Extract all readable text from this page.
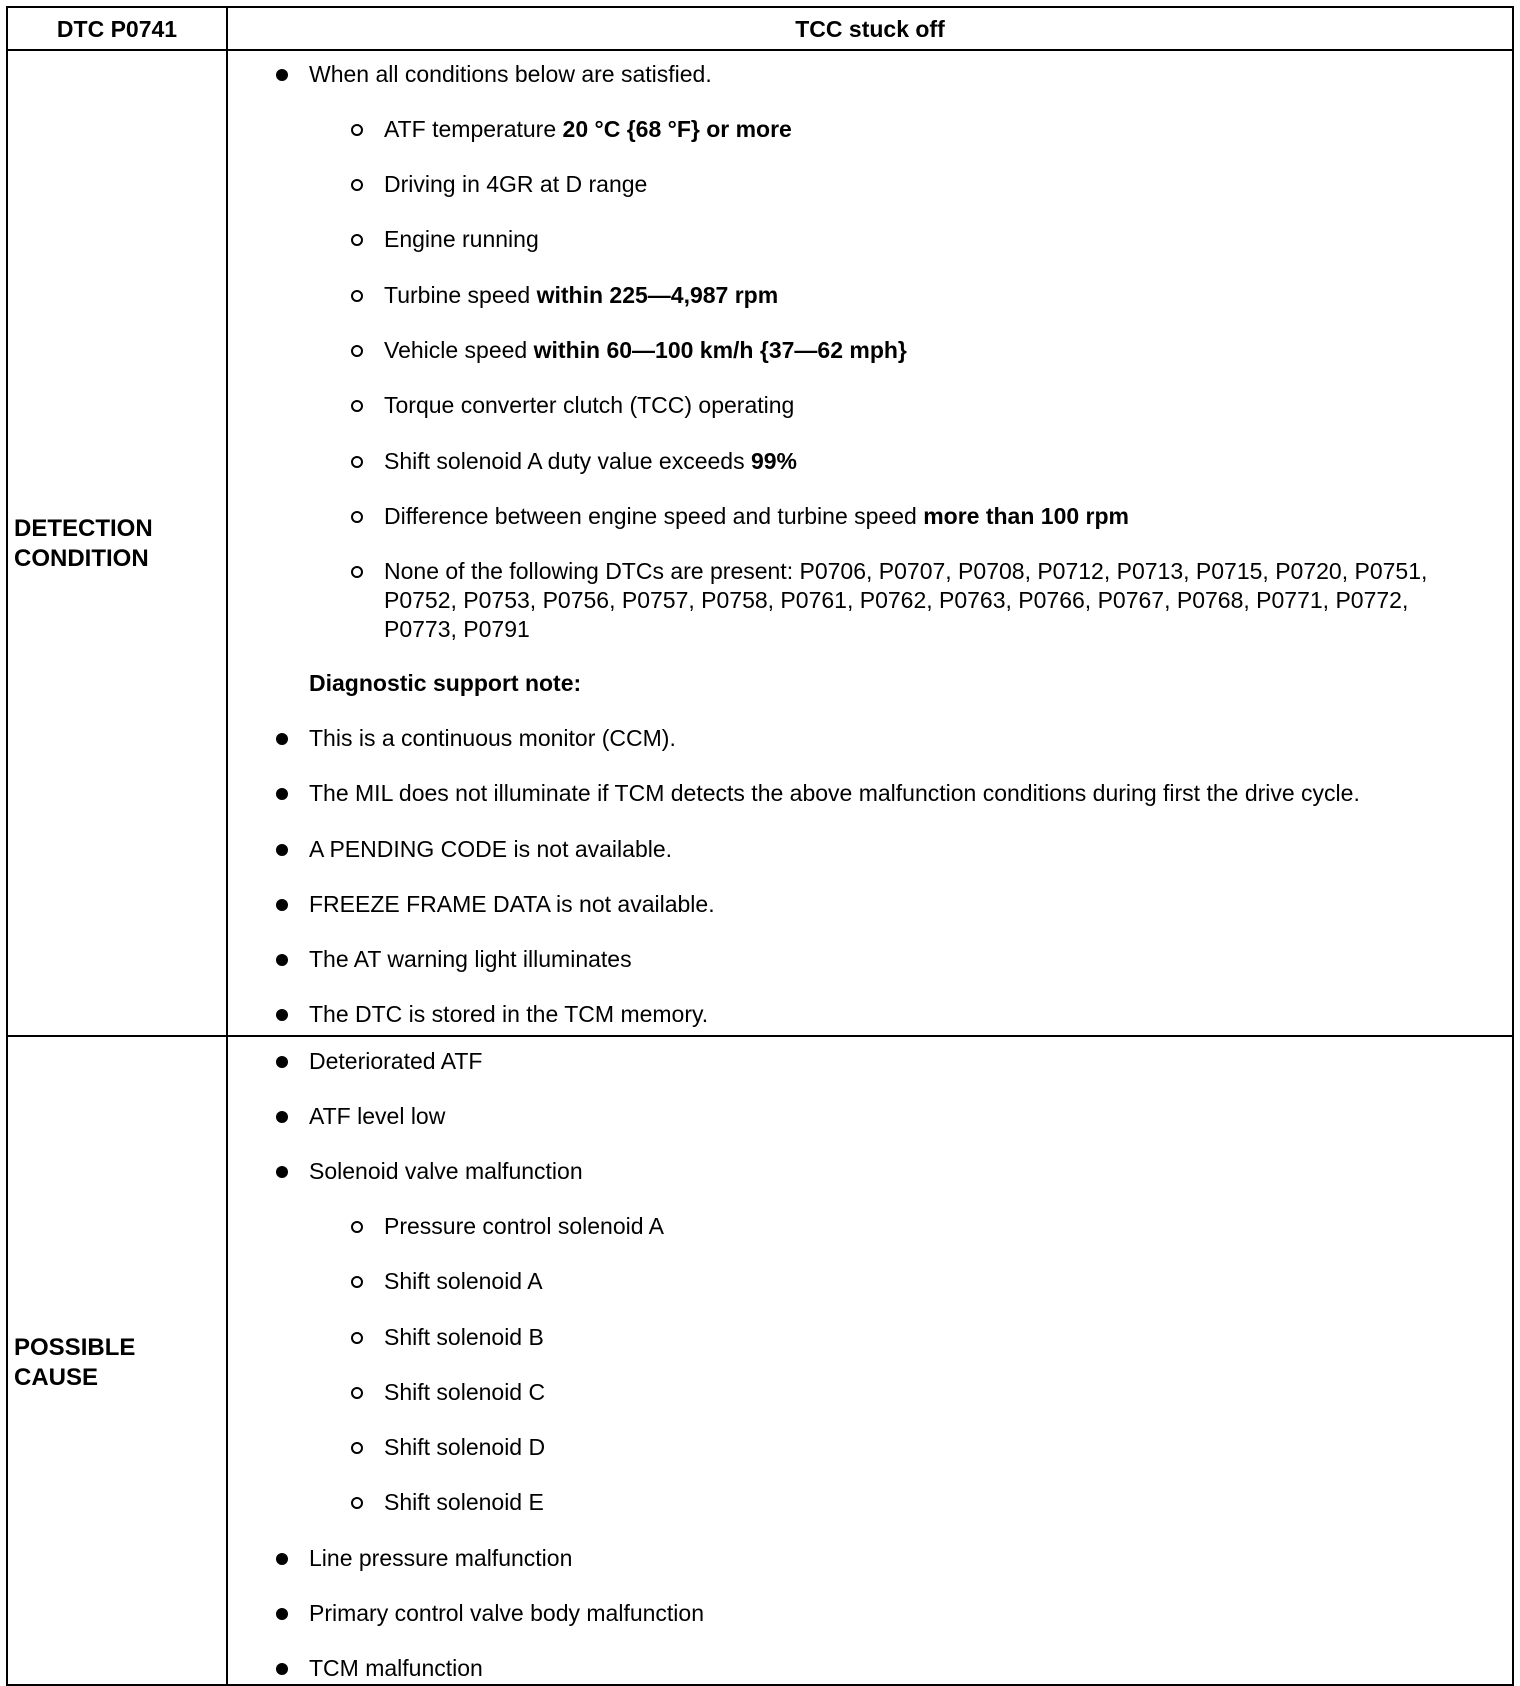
DTC P0741	TCC stuck off
DETECTION
CONDITION
When all conditions below are satisfied.
ATF temperature 20 °C {68 °F} or more
Driving in 4GR at D range
Engine running
Turbine speed within 225—4,987 rpm
Vehicle speed within 60—100 km/h {37—62 mph}
Torque converter clutch (TCC) operating
Shift solenoid A duty value exceeds 99%
Difference between engine speed and turbine speed more than 100 rpm
None of the following DTCs are present: P0706, P0707, P0708, P0712, P0713, P0715, P0720, P0751, P0752, P0753, P0756, P0757, P0758, P0761, P0762, P0763, P0766, P0767, P0768, P0771, P0772, P0773, P0791
Diagnostic support note:
This is a continuous monitor (CCM).
The MIL does not illuminate if TCM detects the above malfunction conditions during first the drive cycle.
A PENDING CODE is not available.
FREEZE FRAME DATA is not available.
The AT warning light illuminates
The DTC is stored in the TCM memory.
POSSIBLE
CAUSE
Deteriorated ATF
ATF level low
Solenoid valve malfunction
Pressure control solenoid A
Shift solenoid A
Shift solenoid B
Shift solenoid C
Shift solenoid D
Shift solenoid E
Line pressure malfunction
Primary control valve body malfunction
TCM malfunction
